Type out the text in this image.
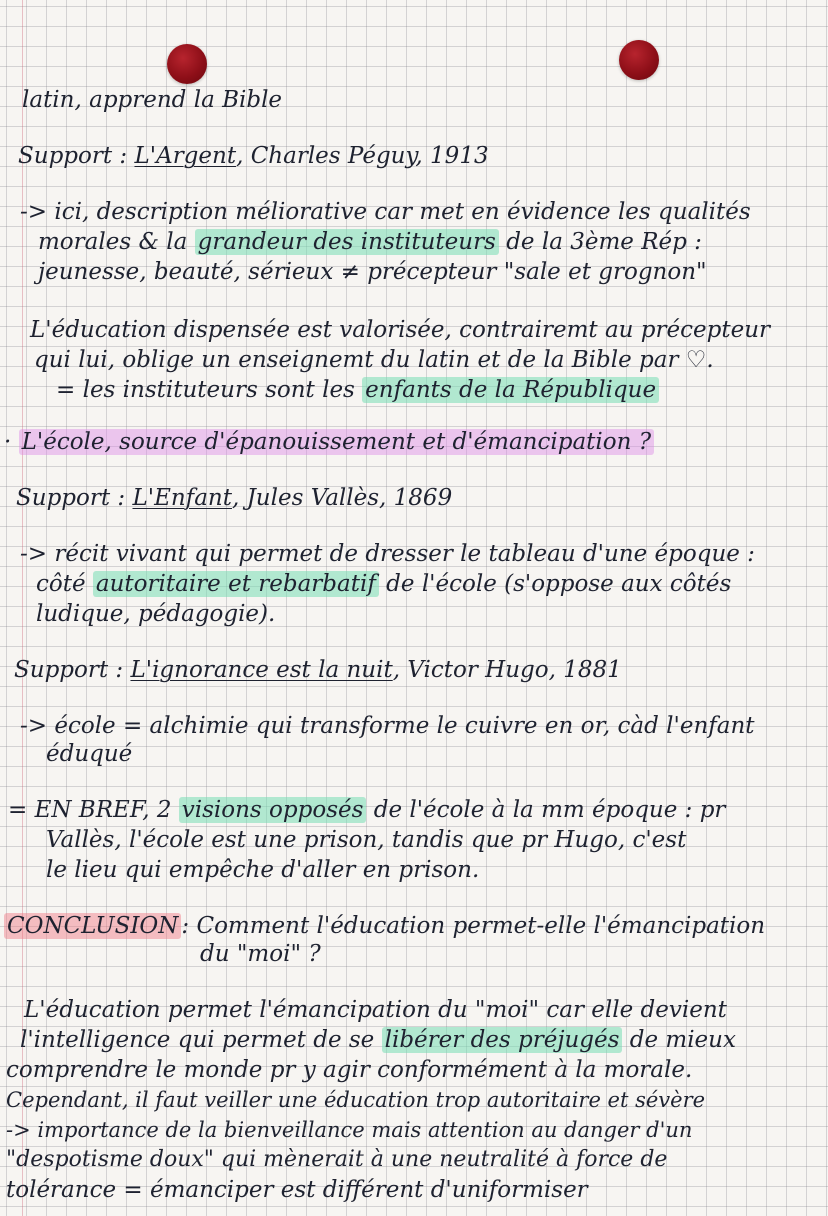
latin, apprend la Bible
Support : L'Argent, Charles Péguy, 1913
-> ici, description méliorative car met en évidence les qualités
morales & la grandeur des instituteurs de la 3ème Rép :
jeunesse, beauté, sérieux ≠ précepteur "sale et grognon"
L'éducation dispensée est valorisée, contrairemt au précepteur
qui lui, oblige un enseignemt du latin et de la Bible par ♡.
= les instituteurs sont les enfants de la République
· L'école, source d'épanouissement et d'émancipation ?
Support : L'Enfant, Jules Vallès, 1869
-> récit vivant qui permet de dresser le tableau d'une époque :
côté autoritaire et rebarbatif de l'école (s'oppose aux côtés
ludique, pédagogie).
Support : L'ignorance est la nuit, Victor Hugo, 1881
-> école = alchimie qui transforme le cuivre en or, càd l'enfant
éduqué
= EN BREF, 2 visions opposés de l'école à la mm époque : pr
Vallès, l'école est une prison, tandis que pr Hugo, c'est
le lieu qui empêche d'aller en prison.
CONCLUSION : Comment l'éducation permet-elle l'émancipation
du "moi" ?
L'éducation permet l'émancipation du "moi" car elle devient
l'intelligence qui permet de se libérer des préjugés de mieux
comprendre le monde pr y agir conformément à la morale.
Cependant, il faut veiller une éducation trop autoritaire et sévère
-> importance de la bienveillance mais attention au danger d'un
"despotisme doux" qui mènerait à une neutralité à force de
tolérance = émanciper est différent d'uniformiser
